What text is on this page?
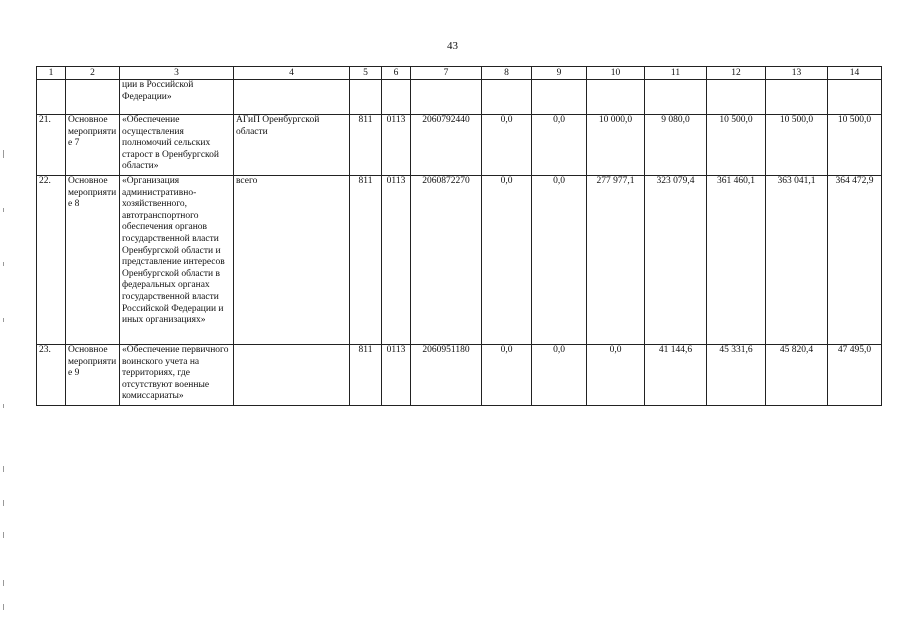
43
1	2	3	4	5	6	7	8	9	10	11	12	13	14
		ции в Российской Федерации»											
21.	Основное мероприятие 7	«Обеспечение осуществления полномочий сельских старост в Оренбургской области»	АГиП Оренбургской области	811	0113	2060792440	0,0	0,0	10 000,0	9 080,0	10 500,0	10 500,0	10 500,0
22.	Основное мероприятие 8	«Организация административно-хозяйственного, автотранспортного обеспечения органов государственной власти Оренбургской области и представление интересов Оренбургской области в федеральных органах государственной власти Российской Федерации и иных организациях»	всего	811	0113	2060872270	0,0	0,0	277 977,1	323 079,4	361 460,1	363 041,1	364 472,9
23.	Основное мероприятие 9	«Обеспечение первичного воинского учета на территориях, где отсутствуют военные комиссариаты»		811	0113	2060951180	0,0	0,0	0,0	41 144,6	45 331,6	45 820,4	47 495,0
